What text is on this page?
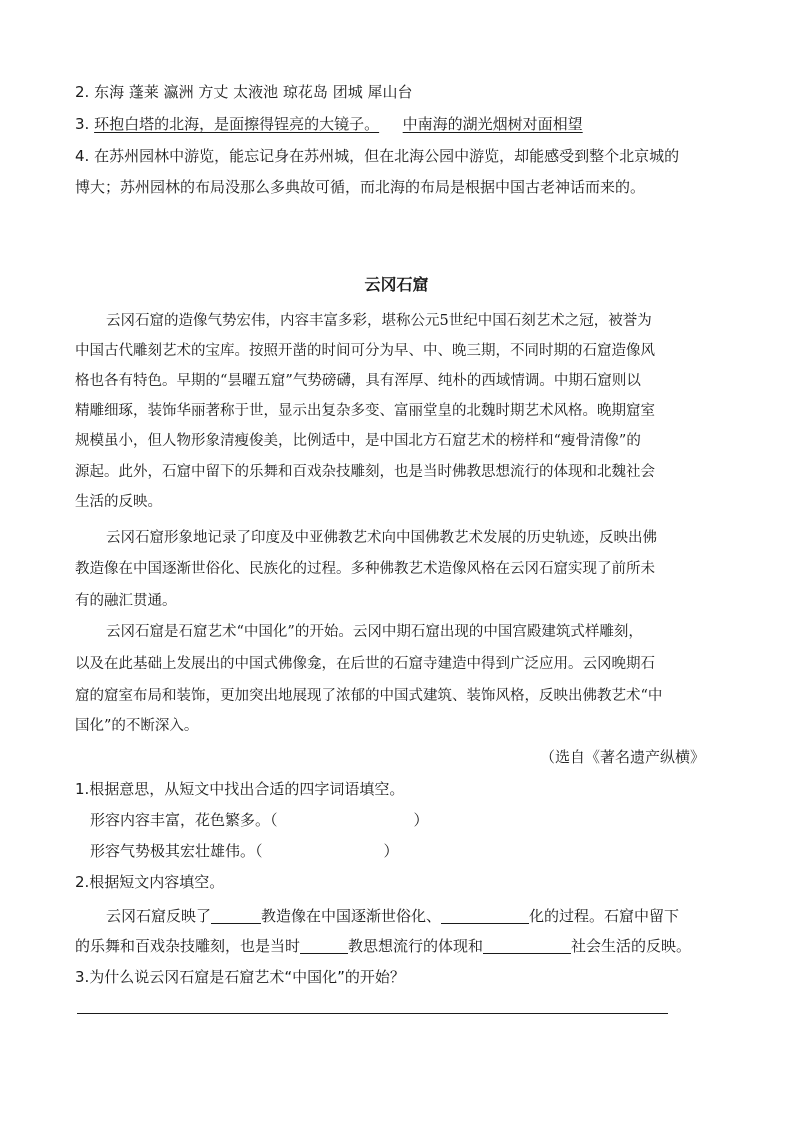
2. 东海 蓬莱 瀛洲 方丈 太液池 琼花岛 团城 犀山台
3. 环抱白塔的北海，是面擦得锃亮的大镜子。 中南海的湖光烟树对面相望
4. 在苏州园林中游览，能忘记身在苏州城，但在北海公园中游览，却能感受到整个北京城的
博大；苏州园林的布局没那么多典故可循，而北海的布局是根据中国古老神话而来的。
云冈石窟
云冈石窟的造像气势宏伟，内容丰富多彩，堪称公元5世纪中国石刻艺术之冠，被誉为
中国古代雕刻艺术的宝库。按照开凿的时间可分为早、中、晚三期，不同时期的石窟造像风
格也各有特色。早期的“昙曜五窟”气势磅礴，具有浑厚、纯朴的西域情调。中期石窟则以
精雕细琢，装饰华丽著称于世，显示出复杂多变、富丽堂皇的北魏时期艺术风格。晚期窟室
规模虽小，但人物形象清瘦俊美，比例适中，是中国北方石窟艺术的榜样和“瘦骨清像”的
源起。此外，石窟中留下的乐舞和百戏杂技雕刻，也是当时佛教思想流行的体现和北魏社会
生活的反映。
云冈石窟形象地记录了印度及中亚佛教艺术向中国佛教艺术发展的历史轨迹，反映出佛
教造像在中国逐渐世俗化、民族化的过程。多种佛教艺术造像风格在云冈石窟实现了前所未
有的融汇贯通。
云冈石窟是石窟艺术“中国化”的开始。云冈中期石窟出现的中国宫殿建筑式样雕刻，
以及在此基础上发展出的中国式佛像龛，在后世的石窟寺建造中得到广泛应用。云冈晚期石
窟的窟室布局和装饰，更加突出地展现了浓郁的中国式建筑、装饰风格，反映出佛教艺术“中
国化”的不断深入。
（选自《著名遗产纵横》
1.根据意思，从短文中找出合适的四字词语填空。
形容内容丰富，花色繁多。（	）
形容气势极其宏壮雄伟。（	）
2.根据短文内容填空。
云冈石窟反映了	教造像在中国逐渐世俗化、	化的过程。石窟中留下
的乐舞和百戏杂技雕刻，也是当时	教思想流行的体现和	社会生活的反映。
3.为什么说云冈石窟是石窟艺术“中国化”的开始？
